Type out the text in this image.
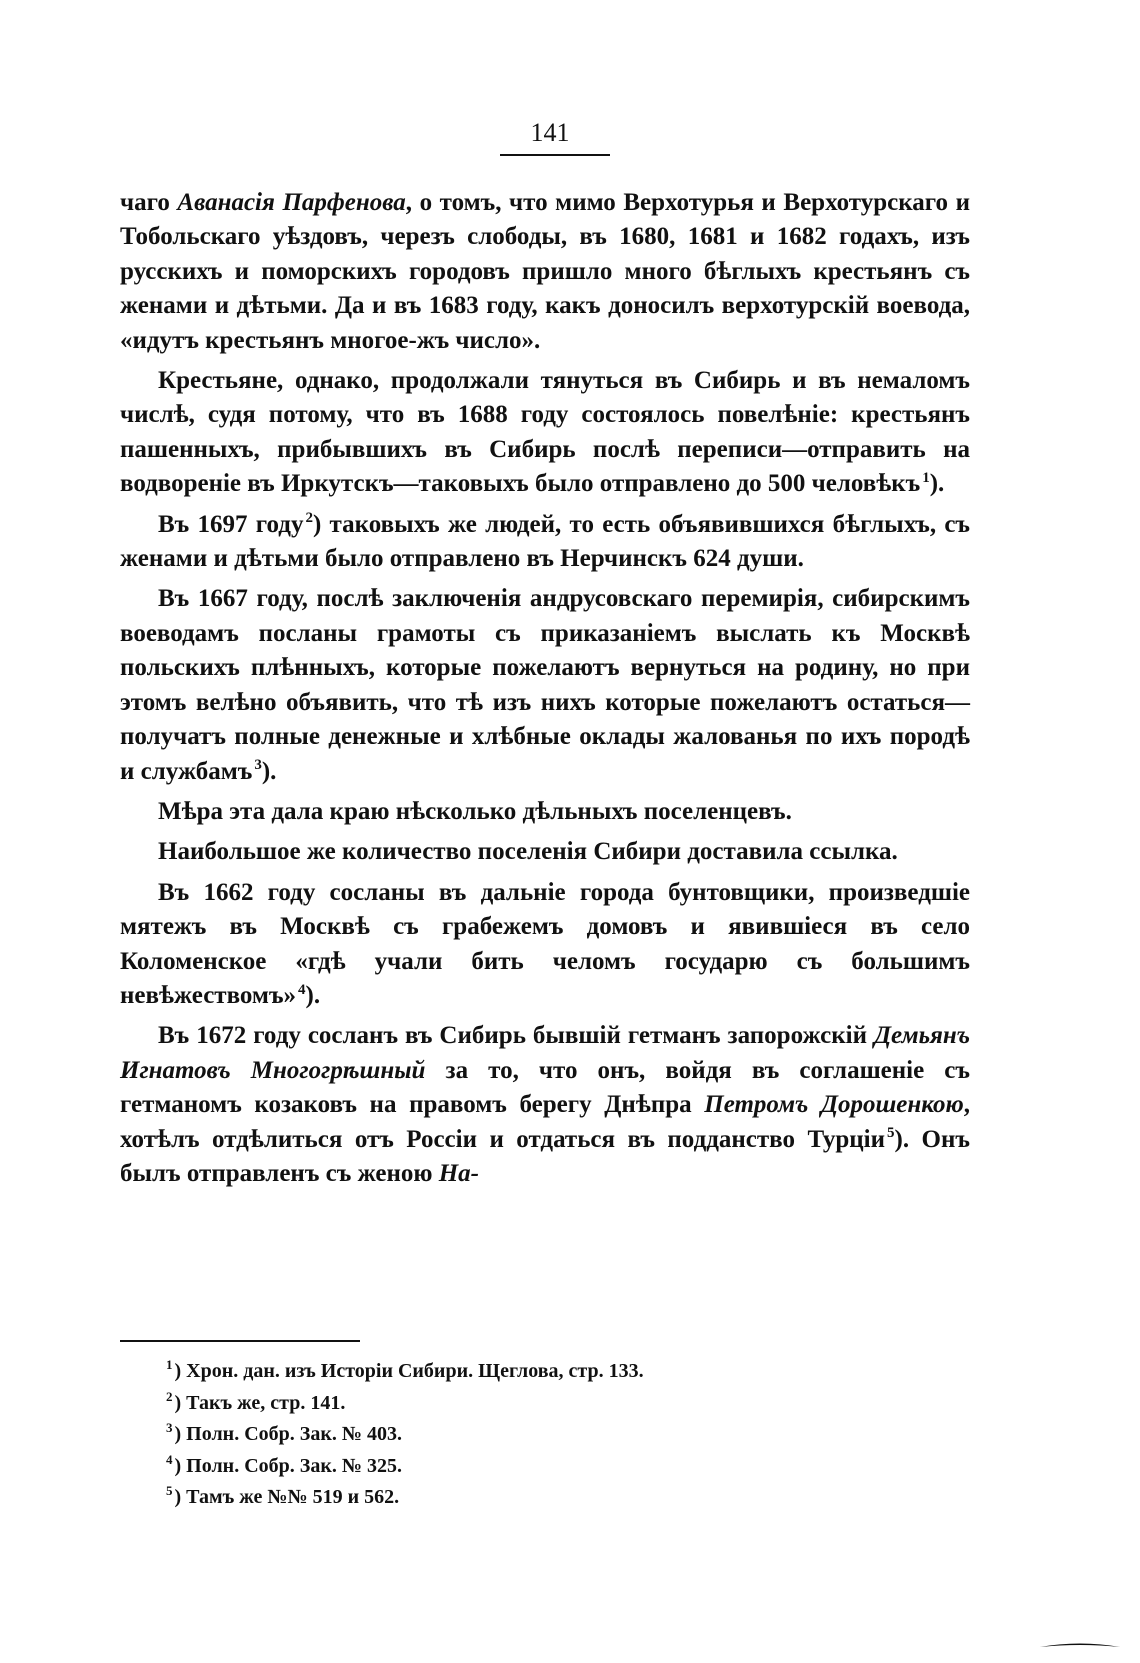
141

чаго Аванасія Парфенова, о томъ, что мимо Верхотурья и Верхотурскаго и Тобольскаго уѣздовъ, черезъ слободы, въ 1680, 1681 и 1682 годахъ, изъ русскихъ и поморскихъ городовъ пришло много бѣглыхъ крестьянъ съ женами и дѣтьми. Да и въ 1683 году, какъ доносилъ верхотурскій воевода, «идутъ крестьянъ многое-жъ число».

Крестьяне, однако, продолжали тянуться въ Сибирь и въ немаломъ числѣ, судя потому, что въ 1688 году состоялось повелѣніе: крестьянъ пашенныхъ, прибывшихъ въ Сибирь послѣ переписи—отправить на водвореніе въ Иркутскъ—таковыхъ было отправлено до 500 человѣкъ $^1$).

Въ 1697 году $^2$) таковыхъ же людей, то есть объявившихся бѣглыхъ, съ женами и дѣтьми было отправлено въ Нерчинскъ 624 души.

Въ 1667 году, послѣ заключенія андрусовскаго перемирія, сибирскимъ воеводамъ посланы грамоты съ приказаніемъ выслать къ Москвѣ польскихъ плѣнныхъ, которые пожелаютъ вернуться на родину, но при этомъ велѣно объявить, что тѣ изъ нихъ которые пожелаютъ остаться—получатъ полные денежные и хлѣбные оклады жалованья по ихъ породѣ и службамъ $^3$).

Мѣра эта дала краю нѣсколько дѣльныхъ поселенцевъ.

Наибольшое же количество поселенія Сибири доставила ссылка.

Въ 1662 году сосланы въ дальніе города бунтовщики, произведшіе мятежъ въ Москвѣ съ грабежемъ домовъ и явившіеся въ село Коломенское «гдѣ учали бить челомъ государю съ большимъ невѣжествомъ» $^4$).

Въ 1672 году сосланъ въ Сибирь бывшій гетманъ запорожскій Демьянъ Игнатовъ Многогрѣшный за то, что онъ, войдя въ соглашеніе съ гетманомъ козаковъ на правомъ берегу Днѣпра Петромъ Дорошенкою, хотѣлъ отдѣлиться отъ Россіи и отдаться въ подданство Турціи $^5$). Онъ былъ отправленъ съ женою На-

$^1$ ) Хрон. дан. изъ Исторіи Сибири. Щеглова, стр. 133.

$^2$ ) Такъ же, стр. 141.

$^3$ ) Полн. Собр. Зак. № 403.

$^4$ ) Полн. Собр. Зак. № 325.

$^5$ ) Тамъ же №№ 519 и 562.
